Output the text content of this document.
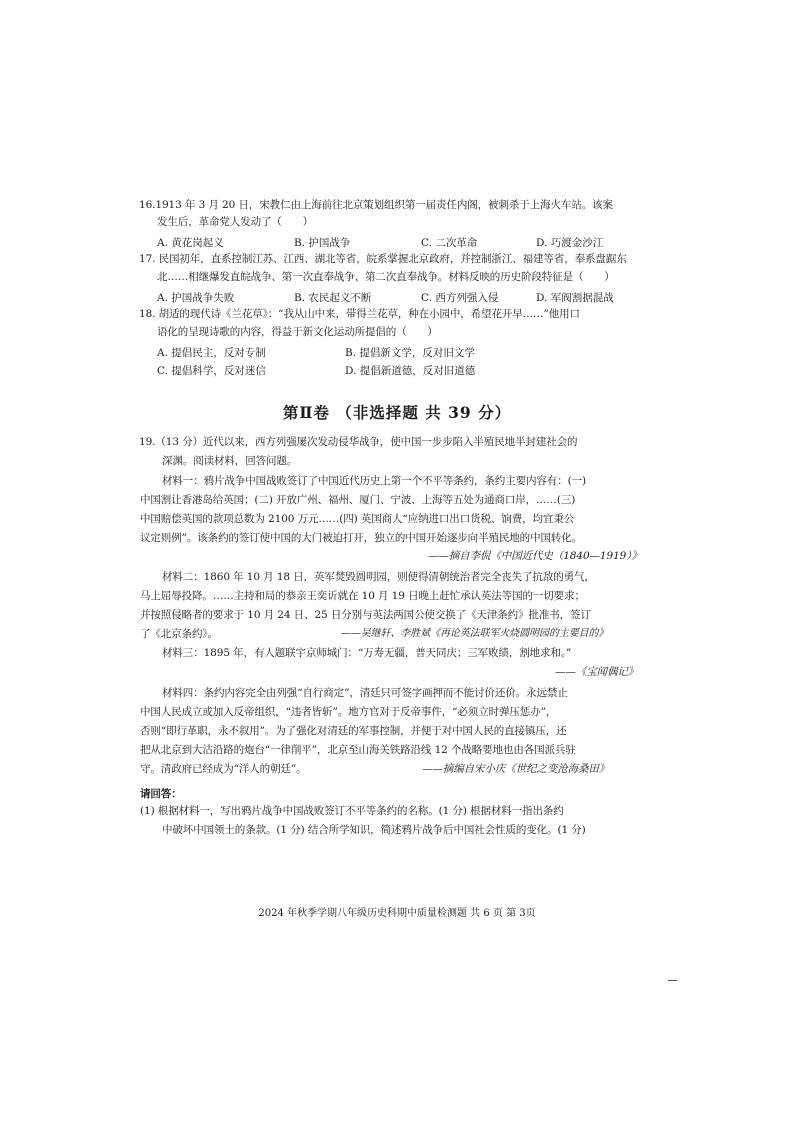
16.1913 年 3 月 20 日，宋教仁由上海前往北京策划组织第一届责任内阁，被刺杀于上海火车站。该案
发生后，革命党人发动了（　　）
A. 黄花岗起义	B. 护国战争	C. 二次革命	D. 巧渡金沙江
17. 民国初年，直系控制江苏、江西、湖北等省，皖系掌握北京政府，并控制浙江、福建等省，奉系盘踞东
北……相继爆发直皖战争、第一次直奉战争、第二次直奉战争。材料反映的历史阶段特征是（　　）
A. 护国战争失败	B. 农民起义不断	C. 西方列强入侵	D. 军阀割据混战
18. 胡适的现代诗《兰花草》：“我从山中来，带得兰花草，种在小园中，希望花开早……”他用口
语化的呈现诗歌的内容，得益于新文化运动所提倡的（　　）
A. 提倡民主，反对专制	B. 提倡新文学，反对旧文学
C. 提倡科学，反对迷信	D. 提倡新道德，反对旧道德
第Ⅱ卷 （非选择题 共 39 分）
19.（13 分）近代以来，西方列强屡次发动侵华战争，使中国一步步陷入半殖民地半封建社会的
深渊。阅读材料，回答问题。
材料一：鸦片战争中国战败签订了中国近代历史上第一个不平等条约，条约主要内容有：(一)
中国割让香港岛给英国；(二) 开放广州、福州、厦门、宁波、上海等五处为通商口岸，……(三)
中国赔偿英国的款项总数为 2100 万元……(四) 英国商人“应纳进口出口货税、饷费，均宜秉公
议定则例”。该条约的签订使中国的大门被迫打开，独立的中国开始逐步向半殖民地的中国转化。
——摘自李侃《中国近代史（1840—1919）》
材料二：1860 年 10 月 18 日，英军焚毁圆明园，则使得清朝统治者完全丧失了抗敌的勇气，
马上屈辱投降。……主持和局的恭亲王奕䜣就在 10 月 19 日晚上赶忙承认英法等国的一切要求；
并按照侵略者的要求于 10 月 24 日、25 日分别与英法两国公使交换了《天津条约》批准书，签订
了《北京条约》。	——吴继轩、李胜斌《再论英法联军火烧圆明园的主要目的》
材料三：1895 年，有人题联宇京师城门：“万寿无疆，普天同庆；三军败绩，割地求和。”
——《宝闻偶记》
材料四：条约内容完全由列强“自行商定”，清廷只可签字画押而不能讨价还价。永远禁止
中国人民成立或加入反帝组织，“违者皆斩”。地方官对于反帝事件，“必须立时弹压惩办”，
否则“即行革职，永不叙用”。为了强化对清廷的军事控制，并便于对中国人民的直接镇压，还
把从北京到大沽沿路的炮台“一律削平”，北京至山海关铁路沿线 12 个战略要地也由各国派兵驻
守。清政府已经成为“洋人的朝廷”。	——摘编自宋小庆《世纪之变沧海桑田》
请回答：
(1) 根据材料一，写出鸦片战争中国战败签订不平等条约的名称。(1 分) 根据材料一指出条约
中破坏中国领土的条款。(1 分) 结合所学知识，简述鸦片战争后中国社会性质的变化。(1 分)
2024 年秋季学期八年级历史科期中质量检测题 共 6 页 第 3页
